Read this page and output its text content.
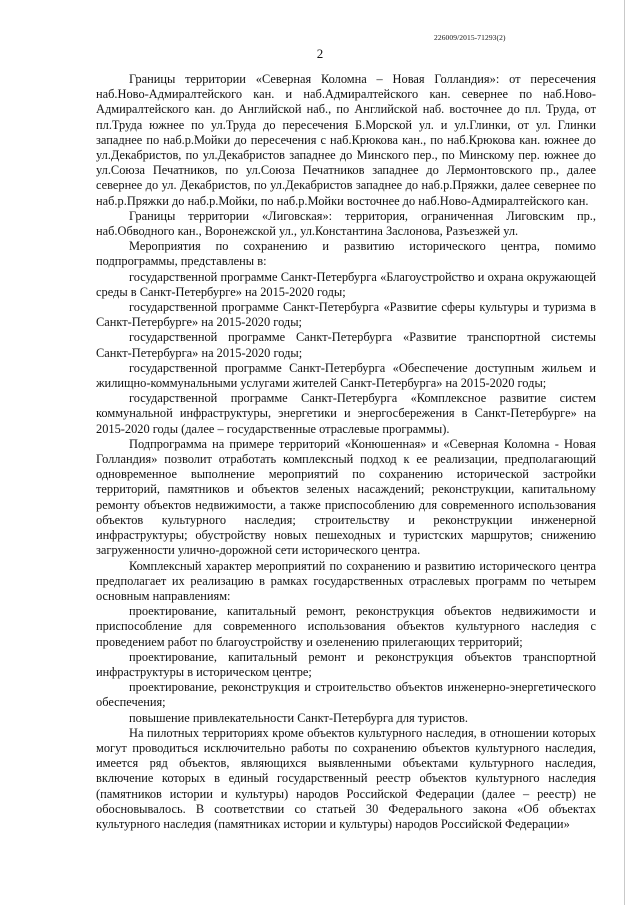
226009/2015-71293(2)
2

Границы территории «Северная Коломна – Новая Голландия»: от пересечения наб.Ново-Адмиралтейского кан. и наб.Адмиралтейского кан. севернее по наб.Ново-Адмиралтейского кан. до Английской наб., по Английской наб. восточнее до пл. Труда, от пл.Труда южнее по ул.Труда до пересечения Б.Морской ул. и ул.Глинки, от ул. Глинки западнее по наб.р.Мойки до пересечения с наб.Крюкова кан., по наб.Крюкова кан. южнее до ул.Декабристов, по ул.Декабристов западнее до Минского пер., по Минскому пер. южнее до ул.Союза Печатников, по ул.Союза Печатников западнее до Лермонтовского пр., далее севернее до ул. Декабристов, по ул.Декабристов западнее до наб.р.Пряжки, далее севернее по наб.р.Пряжки до наб.р.Мойки, по наб.р.Мойки восточнее до наб.Ново-Адмиралтейского кан.

Границы территории «Лиговская»: территория, ограниченная Лиговским пр., наб.Обводного кан., Воронежской ул., ул.Константина Заслонова, Разъезжей ул.

Мероприятия по сохранению и развитию исторического центра, помимо подпрограммы, представлены в:

государственной программе Санкт-Петербурга «Благоустройство и охрана окружающей среды в Санкт-Петербурге» на 2015-2020 годы;

государственной программе Санкт-Петербурга «Развитие сферы культуры и туризма в Санкт-Петербурге» на 2015-2020 годы;

государственной программе Санкт-Петербурга «Развитие транспортной системы Санкт-Петербурга» на 2015-2020 годы;

государственной программе Санкт-Петербурга «Обеспечение доступным жильем и жилищно-коммунальными услугами жителей Санкт-Петербурга» на 2015-2020 годы;

государственной программе Санкт-Петербурга «Комплексное развитие систем коммунальной инфраструктуры, энергетики и энергосбережения в Санкт-Петербурге» на 2015-2020 годы (далее – государственные отраслевые программы).

Подпрограмма на примере территорий «Конюшенная» и «Северная Коломна - Новая Голландия» позволит отработать комплексный подход к ее реализации, предполагающий одновременное выполнение мероприятий по сохранению исторической застройки территорий, памятников и объектов зеленых насаждений; реконструкции, капитальному ремонту объектов недвижимости, а также приспособлению для современного использования объектов культурного наследия; строительству и реконструкции инженерной инфраструктуры; обустройству новых пешеходных и туристских маршрутов; снижению загруженности улично-дорожной сети исторического центра.

Комплексный характер мероприятий по сохранению и развитию исторического центра предполагает их реализацию в рамках государственных отраслевых программ по четырем основным направлениям:

проектирование, капитальный ремонт, реконструкция объектов недвижимости и приспособление для современного использования объектов культурного наследия с проведением работ по благоустройству и озеленению прилегающих территорий;

проектирование, капитальный ремонт и реконструкция объектов транспортной инфраструктуры в историческом центре;

проектирование, реконструкция и строительство объектов инженерно-энергетического обеспечения;

повышение привлекательности Санкт-Петербурга для туристов.

На пилотных территориях кроме объектов культурного наследия, в отношении которых могут проводиться исключительно работы по сохранению объектов культурного наследия, имеется ряд объектов, являющихся выявленными объектами культурного наследия, включение которых в единый государственный реестр объектов культурного наследия (памятников истории и культуры) народов Российской Федерации (далее – реестр) не обосновывалось. В соответствии со статьей 30 Федерального закона «Об объектах культурного наследия (памятниках истории и культуры) народов Российской Федерации»
